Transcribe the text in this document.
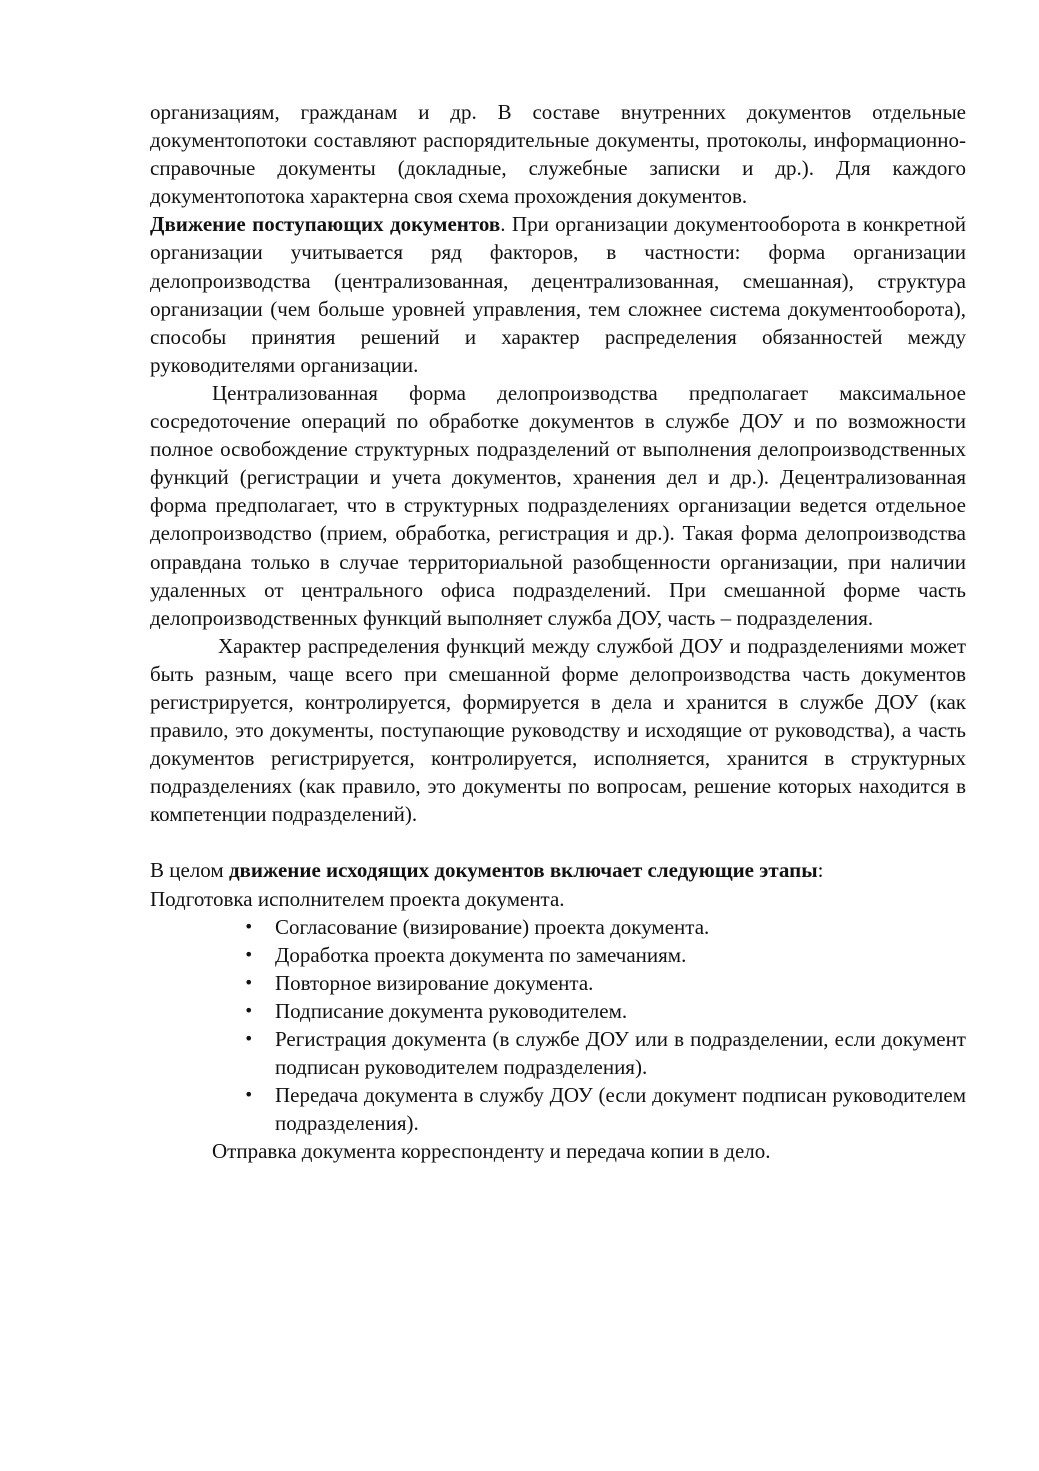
организациям, гражданам и др. В составе внутренних документов отдельные документопотоки составляют распорядительные документы, протоколы, информационно-справочные документы (докладные, служебные записки и др.). Для каждого документопотока характерна своя схема прохождения документов.

Движение поступающих документов. При организации документооборота в конкретной организации учитывается ряд факторов, в частности: форма организации делопроизводства (централизованная, децентрализованная, смешанная), структура организации (чем больше уровней управления, тем сложнее система документооборота), способы принятия решений и характер распределения обязанностей между руководителями организации.

Централизованная форма делопроизводства предполагает максимальное сосредоточение операций по обработке документов в службе ДОУ и по возможности полное освобождение структурных подразделений от выполнения делопроизводственных функций (регистрации и учета документов, хранения дел и др.). Децентрализованная форма предполагает, что в структурных подразделениях организации ведется отдельное делопроизводство (прием, обработка, регистрация и др.). Такая форма делопроизводства оправдана только в случае территориальной разобщенности организации, при наличии удаленных от центрального офиса подразделений. При смешанной форме часть делопроизводственных функций выполняет служба ДОУ, часть – подразделения.

Характер распределения функций между службой ДОУ и подразделениями может быть разным, чаще всего при смешанной форме делопроизводства часть документов регистрируется, контролируется, формируется в дела и хранится в службе ДОУ (как правило, это документы, поступающие руководству и исходящие от руководства), а часть документов регистрируется, контролируется, исполняется, хранится в структурных подразделениях (как правило, это документы по вопросам, решение которых находится в компетенции подразделений).

В целом движение исходящих документов включает следующие этапы:

Подготовка исполнителем проекта документа.

• Согласование (визирование) проекта документа.
• Доработка проекта документа по замечаниям.
• Повторное визирование документа.
• Подписание документа руководителем.
• Регистрация документа (в службе ДОУ или в подразделении, если документ подписан руководителем подразделения).
• Передача документа в службу ДОУ (если документ подписан руководителем подразделения).

Отправка документа корреспонденту и передача копии в дело.
